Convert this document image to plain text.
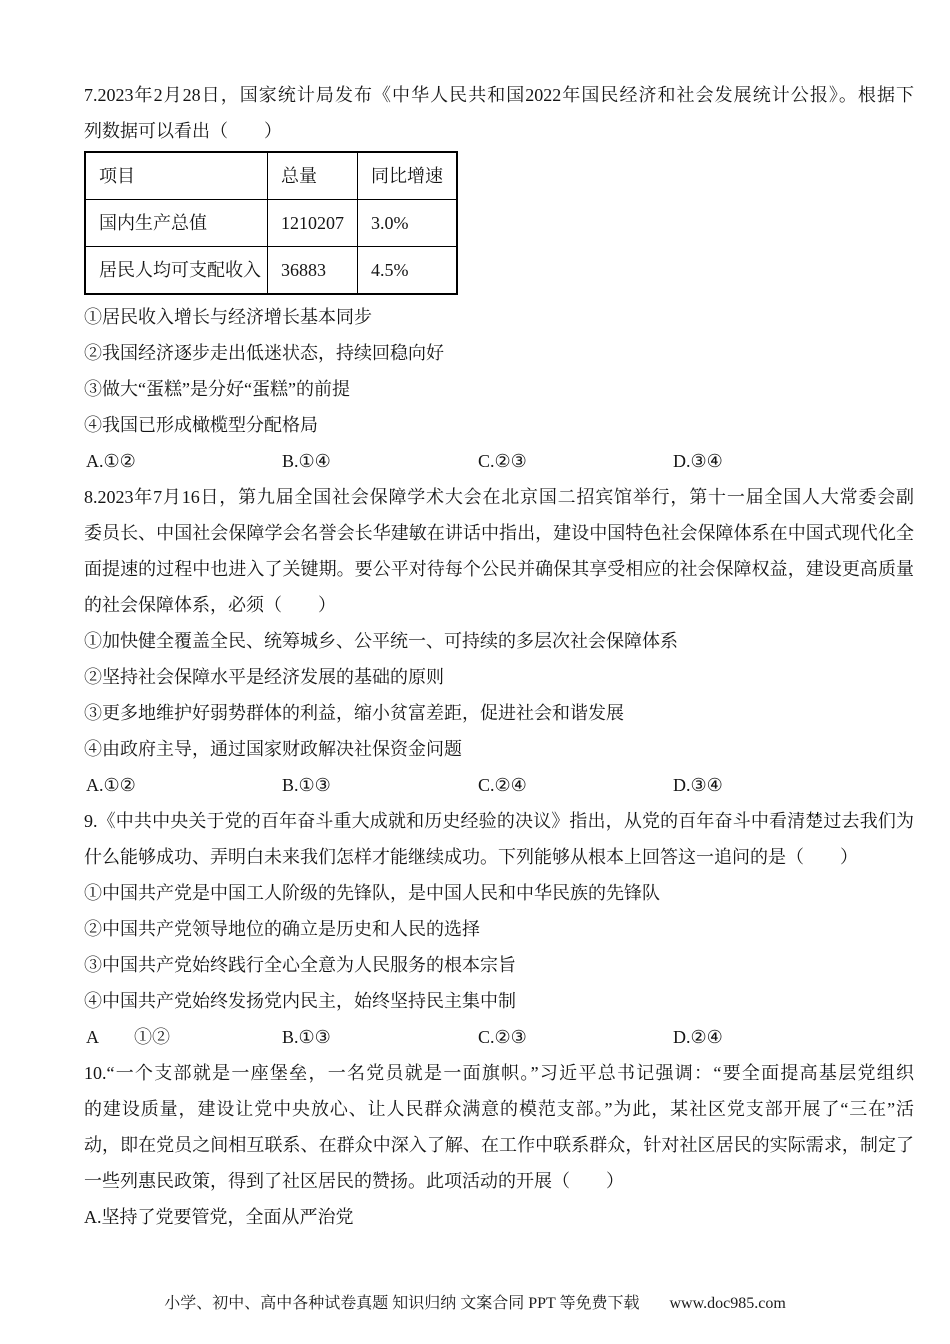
7.2023年2月28日，国家统计局发布《中华人民共和国2022年国民经济和社会发展统计公报》。根据下
列数据可以看出（　　）
项目	总量	同比增速
国内生产总值	1210207	3.0%
居民人均可支配收入	36883	4.5%
①居民收入增长与经济增长基本同步
②我国经济逐步走出低迷状态，持续回稳向好
③做大“蛋糕”是分好“蛋糕”的前提
④我国已形成橄榄型分配格局
A.①②	B.①④	C.②③	D.③④
8.2023年7月16日，第九届全国社会保障学术大会在北京国二招宾馆举行，第十一届全国人大常委会副
委员长、中国社会保障学会名誉会长华建敏在讲话中指出，建设中国特色社会保障体系在中国式现代化全
面提速的过程中也进入了关键期。要公平对待每个公民并确保其享受相应的社会保障权益，建设更高质量
的社会保障体系，必须（　　）
①加快健全覆盖全民、统筹城乡、公平统一、可持续的多层次社会保障体系
②坚持社会保障水平是经济发展的基础的原则
③更多地维护好弱势群体的利益，缩小贫富差距，促进社会和谐发展
④由政府主导，通过国家财政解决社保资金问题
A.①②	B.①③	C.②④	D.③④
9.《中共中央关于党的百年奋斗重大成就和历史经验的决议》指出，从党的百年奋斗中看清楚过去我们为
什么能够成功、弄明白未来我们怎样才能继续成功。下列能够从根本上回答这一追问的是（　　）
①中国共产党是中国工人阶级的先锋队，是中国人民和中华民族的先锋队
②中国共产党领导地位的确立是历史和人民的选择
③中国共产党始终践行全心全意为人民服务的根本宗旨
④中国共产党始终发扬党内民主，始终坚持民主集中制
A　　①②	B.①③	C.②③	D.②④
10.“一个支部就是一座堡垒，一名党员就是一面旗帜。”习近平总书记强调：“要全面提高基层党组织
的建设质量，建设让党中央放心、让人民群众满意的模范支部。”为此，某社区党支部开展了“三在”活
动，即在党员之间相互联系、在群众中深入了解、在工作中联系群众，针对社区居民的实际需求，制定了
一些列惠民政策，得到了社区居民的赞扬。此项活动的开展（　　）
A.坚持了党要管党，全面从严治党
小学、初中、高中各种试卷真题 知识归纳 文案合同 PPT 等免费下载 www.doc985.com
